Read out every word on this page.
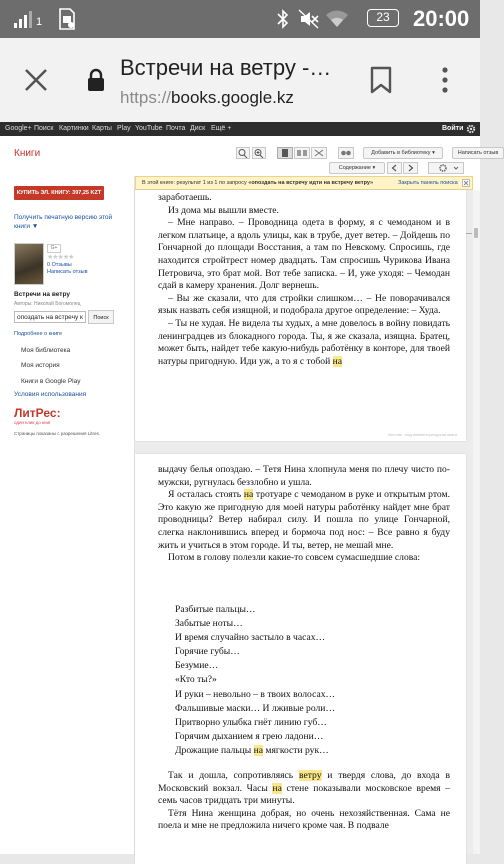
1	23	20:00
Встречи на ветру -…
https://books.google.kz
Google+ Поиск Картинки Карты Play YouTube Почта Диск Ещё +	Войти
Книги
КУПИТЬ ЭЛ. КНИГУ: 397,25 KZT
Получить печатную версию этой книги ▼
G+
★★★★★
0 Отзывы
Написать отзыв
Встречи на ветру
Авторы: Николай Богомолец
опоздать на встречу к	Поиск
Подробнее о книге
Моя библиотека
Моя история
Книги в Google Play
Условия использования
ЛитРес:
один клик до книг
Страницы показаны с разрешения Litres.
Добавить в библиотеку ▾	Написать отзыв
Содержание ▾
В этой книге: результат 1 из 1 по запросу «опоздать на встречу идти на встречу ветру»	Закрыть панель поиска

заработаешь.

Из дома мы вышли вместе.

– Мне направо. – Проводница одета в форму, я с чемоданом и в легком платьице, а вдоль улицы, как в трубе, дует ветер. – Дойдешь по Гончарной до площади Восстания, а там по Невскому. Спросишь, где находится стройтрест номер двадцать. Там спросишь Чурикова Ивана Петровича, это брат мой. Вот тебе записка. – И, уже уходя: – Чемодан сдай в камеру хранения. Долг вернешь.

– Вы же сказали, что для стройки слишком… – Не поворачивался язык назвать себя изящной, и подобрала другое определение: – Худа.

– Ты не худая. Не видела ты худых, а мне довелось в войну повидать ленинградцев из блокадного города. Ты, я же сказала, изящна. Братец, может быть, найдет тебе какую-нибудь работёнку в конторе, для твоей натуры пригодную. Иди уж, а то я с тобой на

Ист.ник - под.элемент.ресурсов книги

выдачу белья опоздаю. – Тетя Нина хлопнула меня по плечу чисто по-мужски, ругнулась беззлобно и ушла.

Я осталась стоять на тротуаре с чемоданом в руке и открытым ртом. Это какую же пригодную для моей натуры работёнку найдет мне брат проводницы? Ветер набирал силу. И пошла по улице Гончарной, слегка наклонившись вперед и бормоча под нос: – Все равно я буду жить и учиться в этом городе. И ты, ветер, не мешай мне.

Потом в голову полезли какие-то совсем сумасшедшие слова:

Разбитые пальцы…
Забытые ноты…
И время случайно застыло в часах…
Горячие губы…
Безумие…
«Кто ты?»
И руки – невольно – в твоих волосах…
Фальшивые маски… И лживые роли…
Притворно улыбка гнёт линию губ…
Горячим дыханием я грею ладони…
Дрожащие пальцы на мягкости рук…

Так и дошла, сопротивляясь ветру и твердя слова, до входа в Московский вокзал. Часы на стене показывали московское время – семь часов тридцать три минуты.

Тётя Нина женщина добрая, но очень нехозяйственная. Сама не поела и мне не предложила ничего кроме чая. В подвале
